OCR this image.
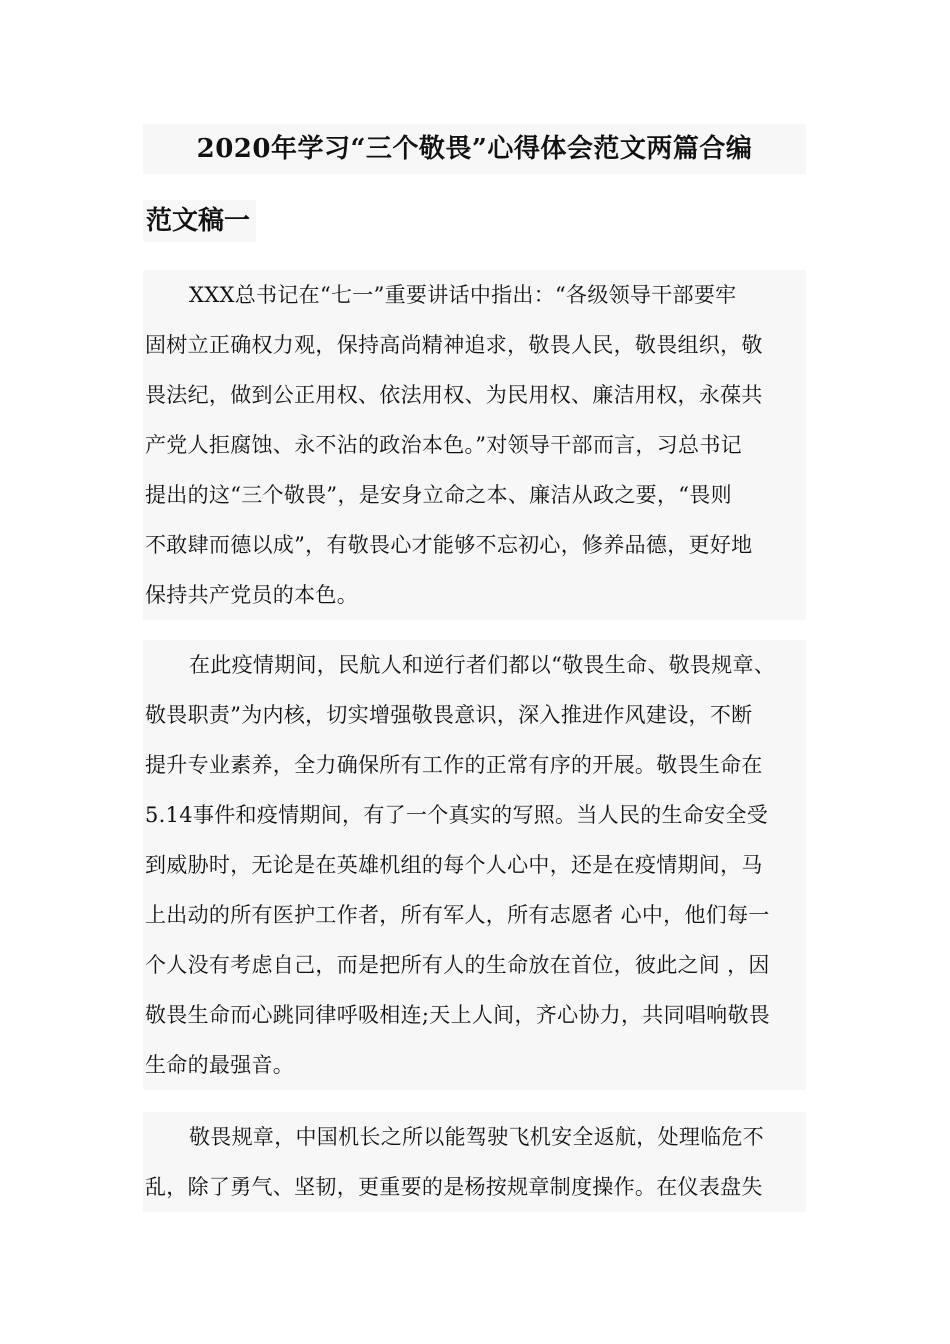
2020年学习“三个敬畏”心得体会范文两篇合编
范文稿一
XXX总书记在“七一”重要讲话中指出：“各级领导干部要牢
固树立正确权力观，保持高尚精神追求，敬畏人民，敬畏组织，敬
畏法纪，做到公正用权、依法用权、为民用权、廉洁用权，永葆共
产党人拒腐蚀、永不沾的政治本色。”对领导干部而言，习总书记
提出的这“三个敬畏”，是安身立命之本、廉洁从政之要，“畏则
不敢肆而德以成”，有敬畏心才能够不忘初心，修养品德，更好地
保持共产党员的本色。
在此疫情期间，民航人和逆行者们都以“敬畏生命、敬畏规章、
敬畏职责”为内核，切实增强敬畏意识，深入推进作风建设，不断
提升专业素养，全力确保所有工作的正常有序的开展。敬畏生命在
5.14事件和疫情期间，有了一个真实的写照。当人民的生命安全受
到威胁时，无论是在英雄机组的每个人心中，还是在疫情期间，马
上出动的所有医护工作者，所有军人，所有志愿者 心中，他们每一
个人没有考虑自己，而是把所有人的生命放在首位，彼此之间 ，因
敬畏生命而心跳同律呼吸相连;天上人间，齐心协力，共同唱响敬畏
生命的最强音。
敬畏规章，中国机长之所以能驾驶飞机安全返航，处理临危不
乱，除了勇气、坚韧，更重要的是杨按规章制度操作。在仪表盘失
